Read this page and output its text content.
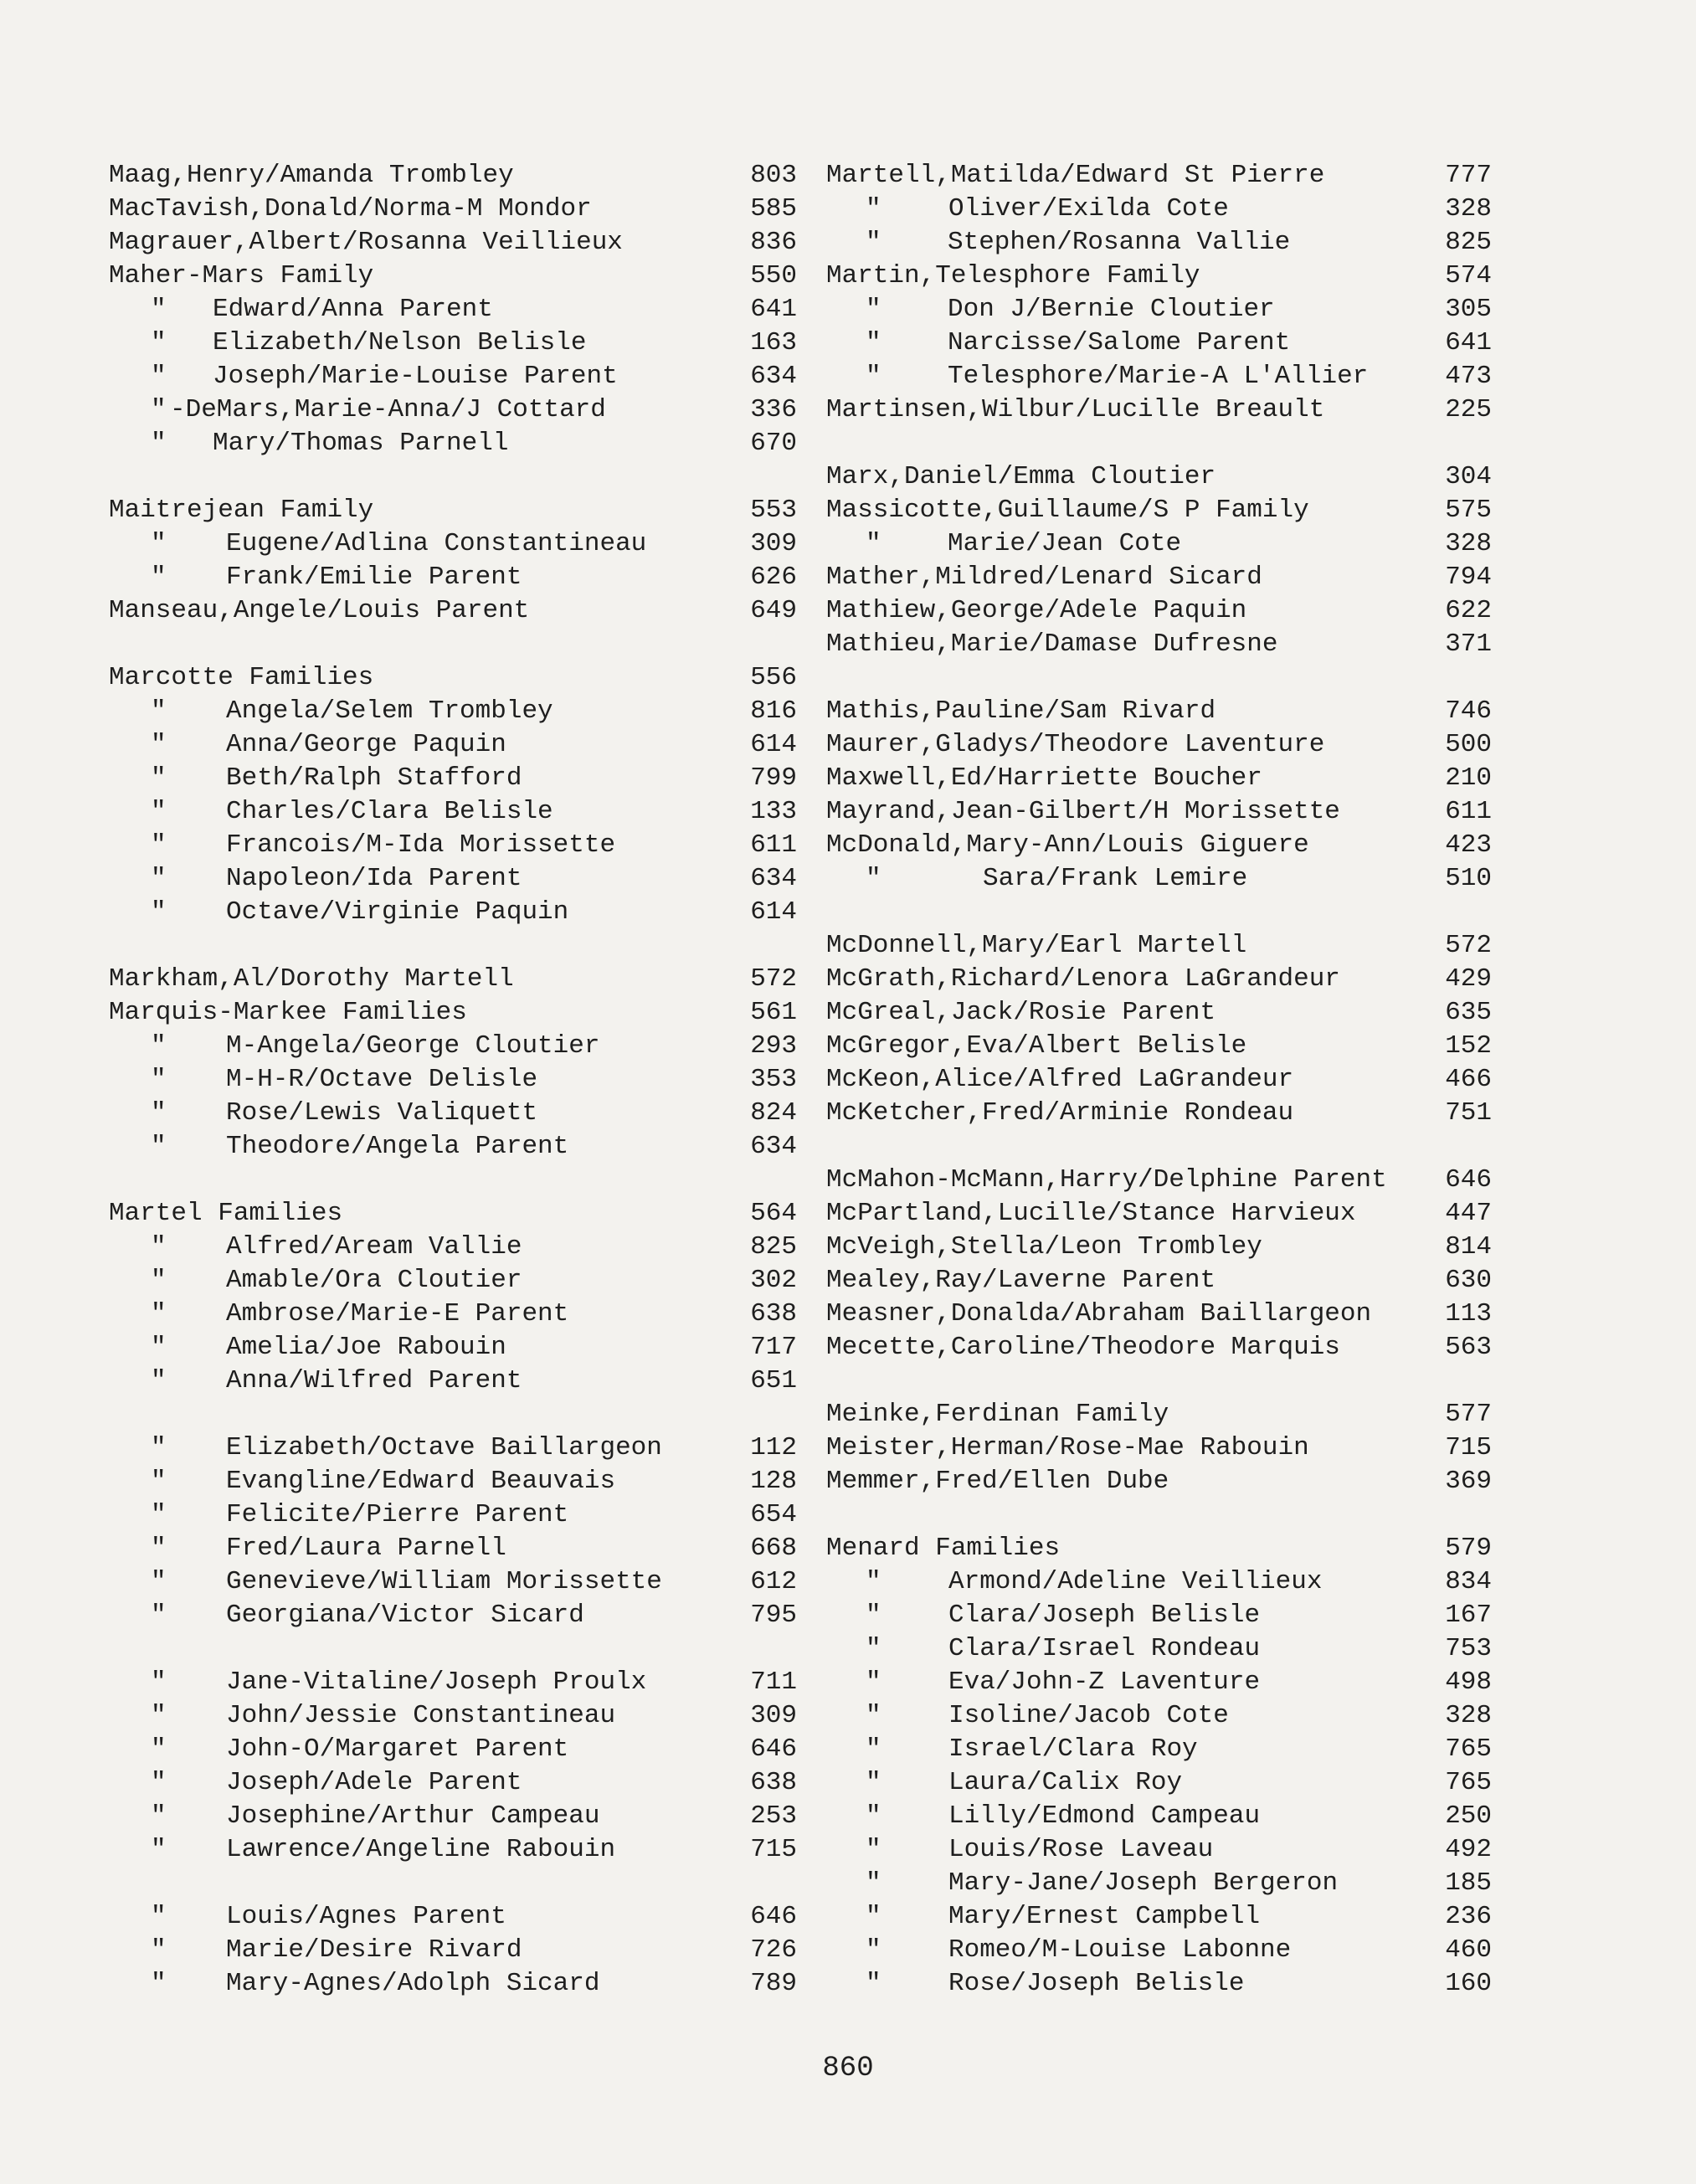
Maag,Henry/Amanda Trombley	803
MacTavish,Donald/Norma-M Mondor	585
Magrauer,Albert/Rosanna Veillieux	836
Maher-Mars Family	550
" Edward/Anna Parent	641
" Elizabeth/Nelson Belisle	163
" Joseph/Marie-Louise Parent	634
" -DeMars,Marie-Anna/J Cottard	336
" Mary/Thomas Parnell	670
Maitrejean Family	553
" Eugene/Adlina Constantineau	309
" Frank/Emilie Parent	626
Manseau,Angele/Louis Parent	649
Marcotte Families	556
" Angela/Selem Trombley	816
" Anna/George Paquin	614
" Beth/Ralph Stafford	799
" Charles/Clara Belisle	133
" Francois/M-Ida Morissette	611
" Napoleon/Ida Parent	634
" Octave/Virginie Paquin	614
Markham,Al/Dorothy Martell	572
Marquis-Markee Families	561
" M-Angela/George Cloutier	293
" M-H-R/Octave Delisle	353
" Rose/Lewis Valiquett	824
" Theodore/Angela Parent	634
Martel Families	564
" Alfred/Aream Vallie	825
" Amable/Ora Cloutier	302
" Ambrose/Marie-E Parent	638
" Amelia/Joe Rabouin	717
" Anna/Wilfred Parent	651
" Elizabeth/Octave Baillargeon	112
" Evangline/Edward Beauvais	128
" Felicite/Pierre Parent	654
" Fred/Laura Parnell	668
" Genevieve/William Morissette	612
" Georgiana/Victor Sicard	795
" Jane-Vitaline/Joseph Proulx	711
" John/Jessie Constantineau	309
" John-O/Margaret Parent	646
" Joseph/Adele Parent	638
" Josephine/Arthur Campeau	253
" Lawrence/Angeline Rabouin	715
" Louis/Agnes Parent	646
" Marie/Desire Rivard	726
" Mary-Agnes/Adolph Sicard	789
Martell,Matilda/Edward St Pierre	777
"	Oliver/Exilda Cote	328
"	Stephen/Rosanna Vallie	825
Martin,Telesphore Family	574
"	Don J/Bernie Cloutier	305
"	Narcisse/Salome Parent	641
"	Telesphore/Marie-A L'Allier	473
Martinsen,Wilbur/Lucille Breault	225
Marx,Daniel/Emma Cloutier	304
Massicotte,Guillaume/S P Family	575
"	Marie/Jean Cote	328
Mather,Mildred/Lenard Sicard	794
Mathiew,George/Adele Paquin	622
Mathieu,Marie/Damase Dufresne	371
Mathis,Pauline/Sam Rivard	746
Maurer,Gladys/Theodore Laventure	500
Maxwell,Ed/Harriette Boucher	210
Mayrand,Jean-Gilbert/H Morissette	611
McDonald,Mary-Ann/Louis Giguere	423
"	Sara/Frank Lemire	510
McDonnell,Mary/Earl Martell	572
McGrath,Richard/Lenora LaGrandeur	429
McGreal,Jack/Rosie Parent	635
McGregor,Eva/Albert Belisle	152
McKeon,Alice/Alfred LaGrandeur	466
McKetcher,Fred/Arminie Rondeau	751
McMahon-McMann,Harry/Delphine Parent	646
McPartland,Lucille/Stance Harvieux	447
McVeigh,Stella/Leon Trombley	814
Mealey,Ray/Laverne Parent	630
Measner,Donalda/Abraham Baillargeon	113
Mecette,Caroline/Theodore Marquis	563
Meinke,Ferdinan Family	577
Meister,Herman/Rose-Mae Rabouin	715
Memmer,Fred/Ellen Dube	369
Menard Families	579
"	Armond/Adeline Veillieux	834
"	Clara/Joseph Belisle	167
"	Clara/Israel Rondeau	753
"	Eva/John-Z Laventure	498
"	Isoline/Jacob Cote	328
"	Israel/Clara Roy	765
"	Laura/Calix Roy	765
"	Lilly/Edmond Campeau	250
"	Louis/Rose Laveau	492
"	Mary-Jane/Joseph Bergeron	185
"	Mary/Ernest Campbell	236
"	Romeo/M-Louise Labonne	460
"	Rose/Joseph Belisle	160
860
